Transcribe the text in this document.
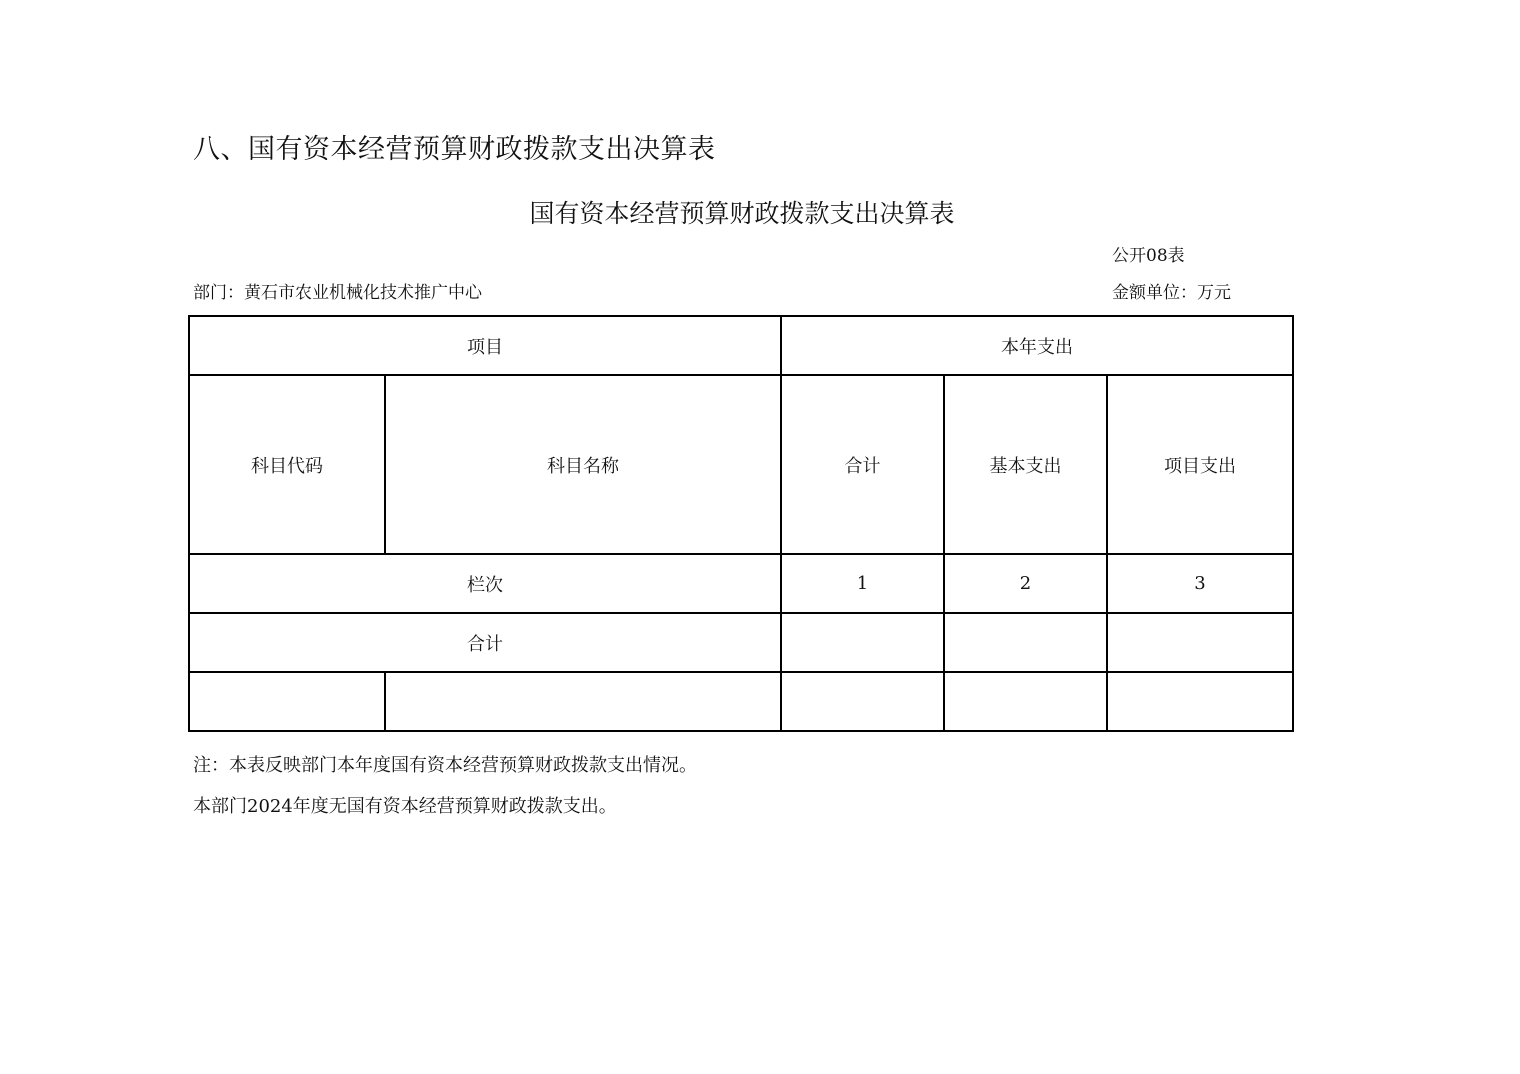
八、国有资本经营预算财政拨款支出决算表
国有资本经营预算财政拨款支出决算表
公开08表
部门：黄石市农业机械化技术推广中心	金额单位：万元
项目		本年支出		
科目代码	科目名称	合计	基本支出	项目支出
栏次		1	2	3
合计				

注：本表反映部门本年度国有资本经营预算财政拨款支出情况。
本部门2024年度无国有资本经营预算财政拨款支出。
